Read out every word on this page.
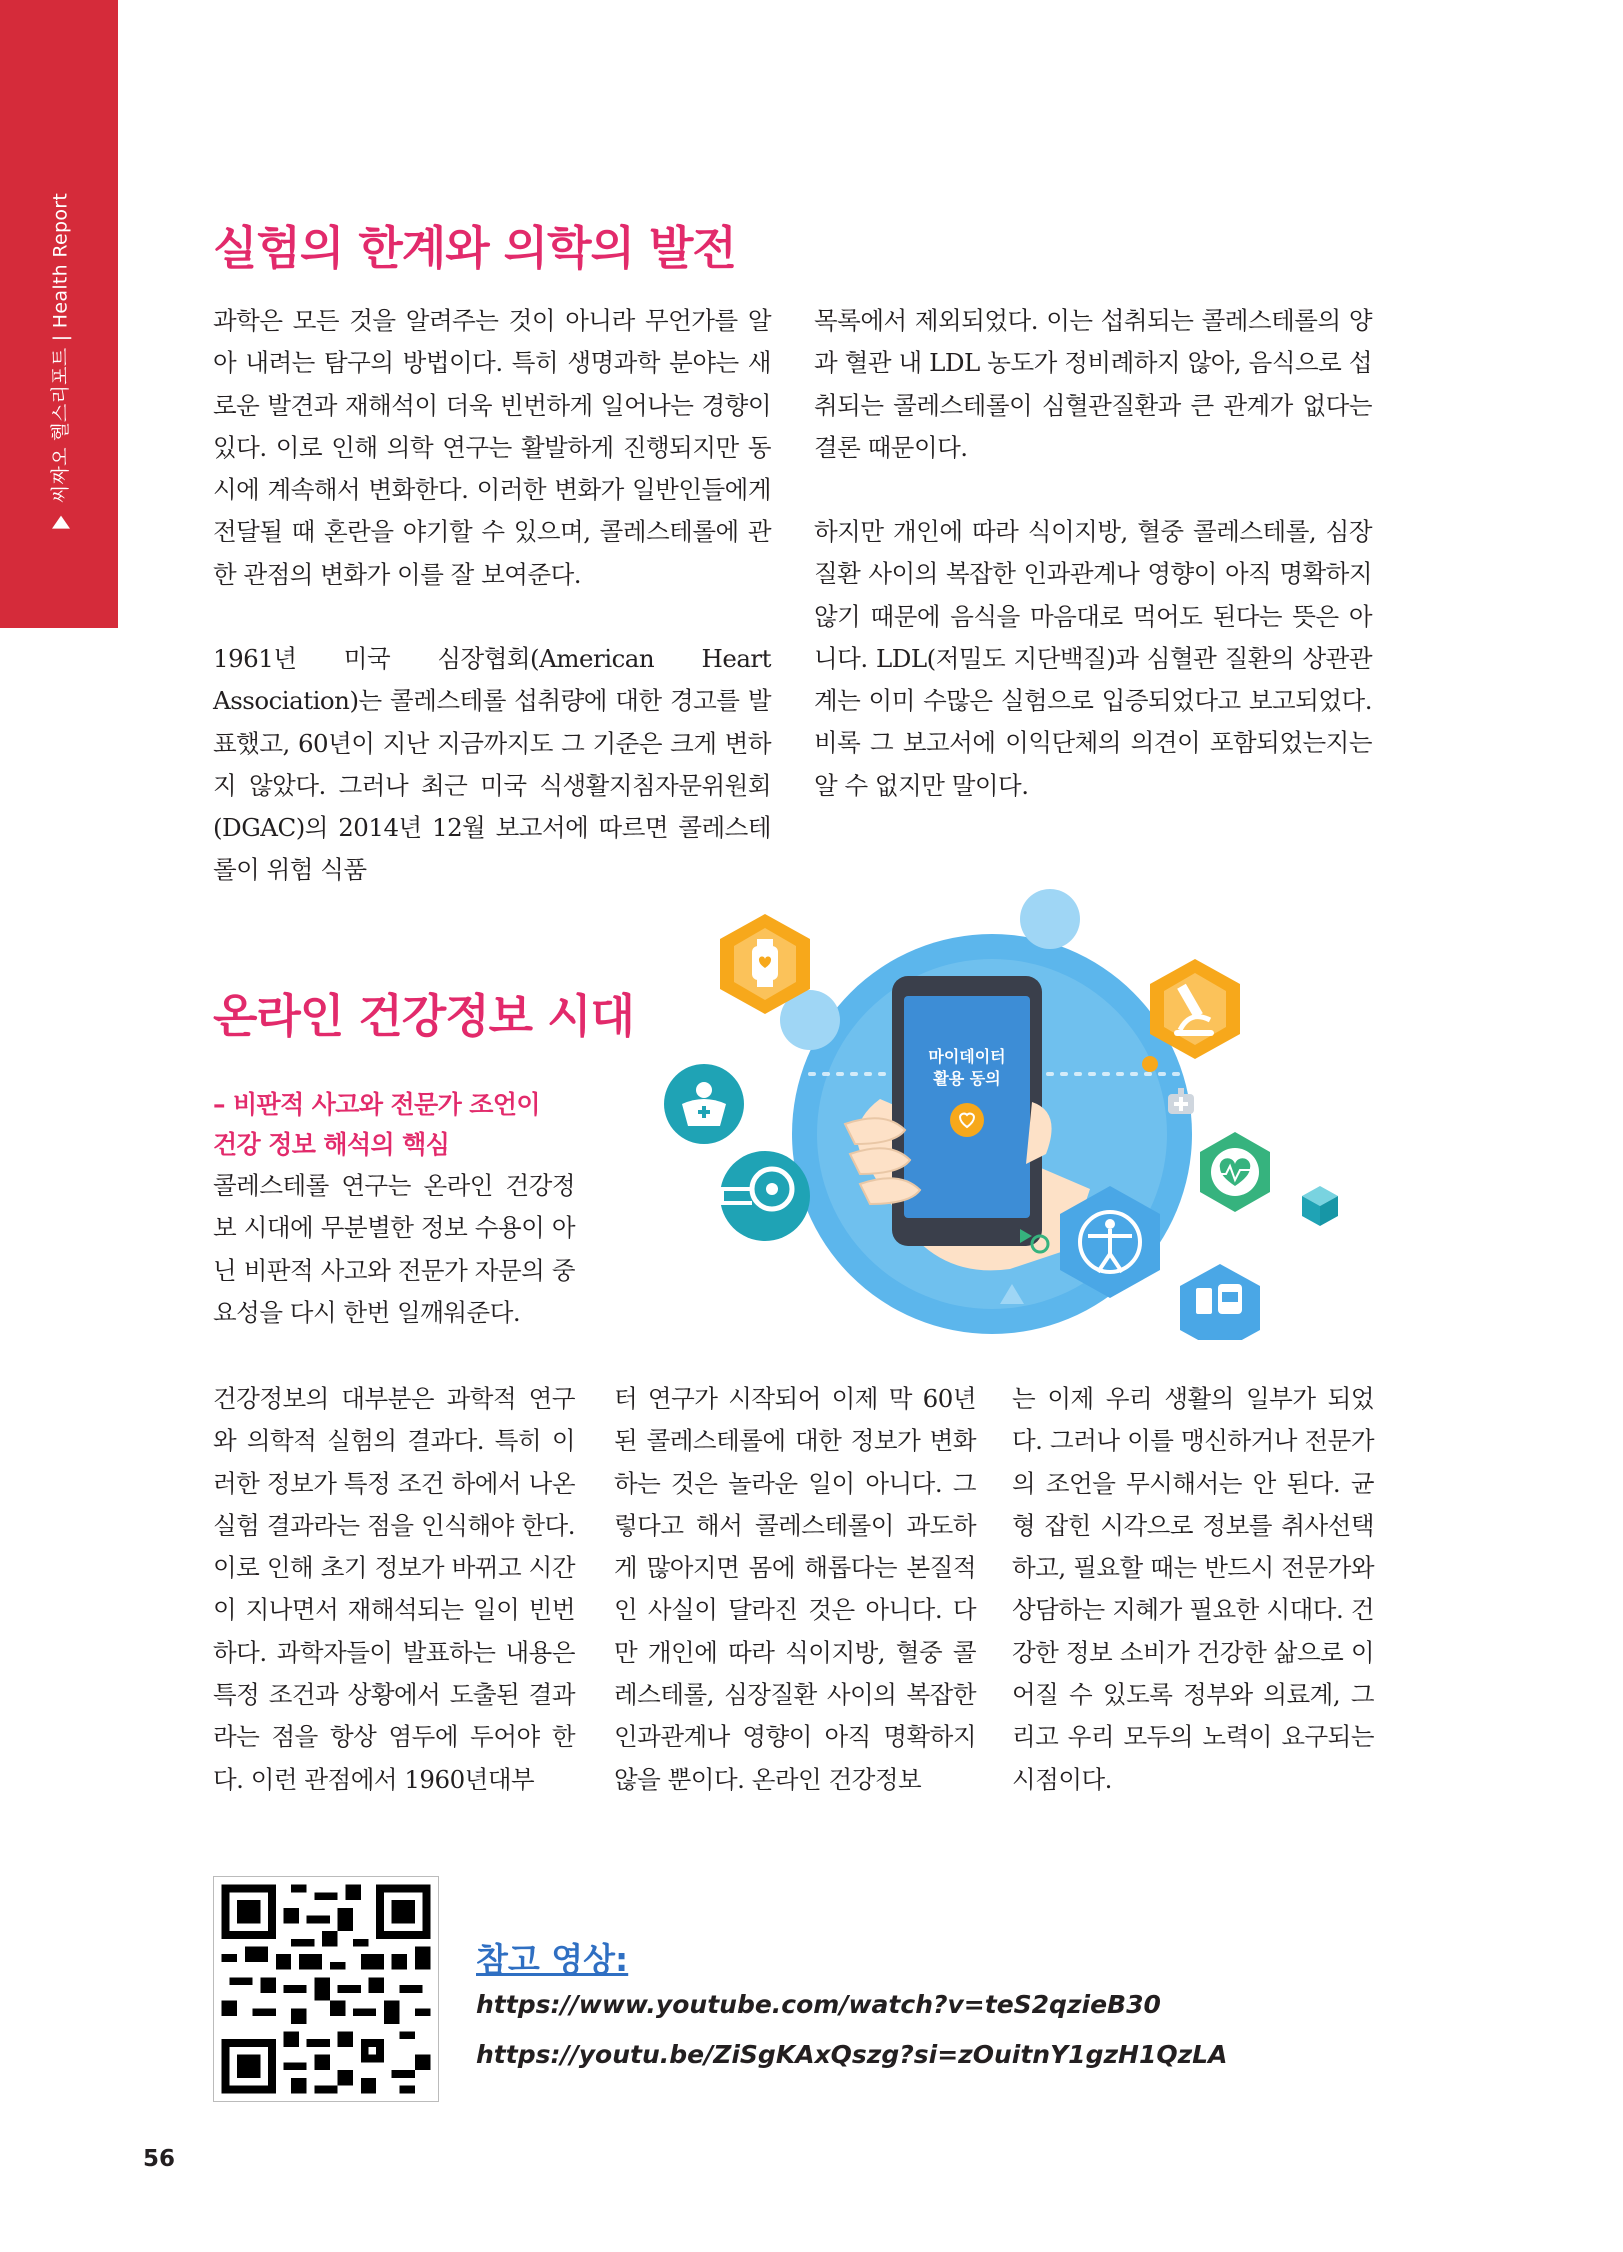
씨짜오 헬스리포트 | Health Report	실험의 한계와 의학의 발전

과학은 모든 것을 알려주는 것이 아니라 무언가를 알아 내려는 탐구의 방법이다. 특히 생명과학 분야는 새로운 발견과 재해석이 더욱 빈번하게 일어나는 경향이 있다. 이로 인해 의학 연구는 활발하게 진행되지만 동시에 계속해서 변화한다. 이러한 변화가 일반인들에게 전달될 때 혼란을 야기할 수 있으며, 콜레스테롤에 관한 관점의 변화가 이를 잘 보여준다.

1961년 미국 심장협회(American Heart Association)는 콜레스테롤 섭취량에 대한 경고를 발표했고, 60년이 지난 지금까지도 그 기준은 크게 변하지 않았다. 그러나 최근 미국 식생활지침자문위원회(DGAC)의 2014년 12월 보고서에 따르면 콜레스테롤이 위험 식품

목록에서 제외되었다. 이는 섭취되는 콜레스테롤의 양과 혈관 내 LDL 농도가 정비례하지 않아, 음식으로 섭취되는 콜레스테롤이 심혈관질환과 큰 관계가 없다는 결론 때문이다.

하지만 개인에 따라 식이지방, 혈중 콜레스테롤, 심장질환 사이의 복잡한 인과관계나 영향이 아직 명확하지 않기 때문에 음식을 마음대로 먹어도 된다는 뜻은 아니다. LDL(저밀도 지단백질)과 심혈관 질환의 상관관계는 이미 수많은 실험으로 입증되었다고 보고되었다. 비록 그 보고서에 이익단체의 의견이 포함되었는지는 알 수 없지만 말이다.

온라인 건강정보 시대
– 비판적 사고와 전문가 조언이
건강 정보 해석의 핵심

콜레스테롤 연구는 온라인 건강정보 시대에 무분별한 정보 수용이 아닌 비판적 사고와 전문가 자문의 중요성을 다시 한번 일깨워준다.

마이데이터
활용 동의

건강정보의 대부분은 과학적 연구와 의학적 실험의 결과다. 특히 이러한 정보가 특정 조건 하에서 나온 실험 결과라는 점을 인식해야 한다. 이로 인해 초기 정보가 바뀌고 시간이 지나면서 재해석되는 일이 빈번하다. 과학자들이 발표하는 내용은 특정 조건과 상황에서 도출된 결과라는 점을 항상 염두에 두어야 한다. 이런 관점에서 1960년대부

터 연구가 시작되어 이제 막 60년 된 콜레스테롤에 대한 정보가 변화하는 것은 놀라운 일이 아니다. 그렇다고 해서 콜레스테롤이 과도하게 많아지면 몸에 해롭다는 본질적인 사실이 달라진 것은 아니다. 다만 개인에 따라 식이지방, 혈중 콜레스테롤, 심장질환 사이의 복잡한 인과관계나 영향이 아직 명확하지 않을 뿐이다. 온라인 건강정보

는 이제 우리 생활의 일부가 되었다. 그러나 이를 맹신하거나 전문가의 조언을 무시해서는 안 된다. 균형 잡힌 시각으로 정보를 취사선택하고, 필요할 때는 반드시 전문가와 상담하는 지혜가 필요한 시대다. 건강한 정보 소비가 건강한 삶으로 이어질 수 있도록 정부와 의료계, 그리고 우리 모두의 노력이 요구되는 시점이다.

참고 영상:
https://www.youtube.com/watch?v=teS2qzieB30
https://youtu.be/ZiSgKAxQszg?si=zOuitnY1gzH1QzLA
56
